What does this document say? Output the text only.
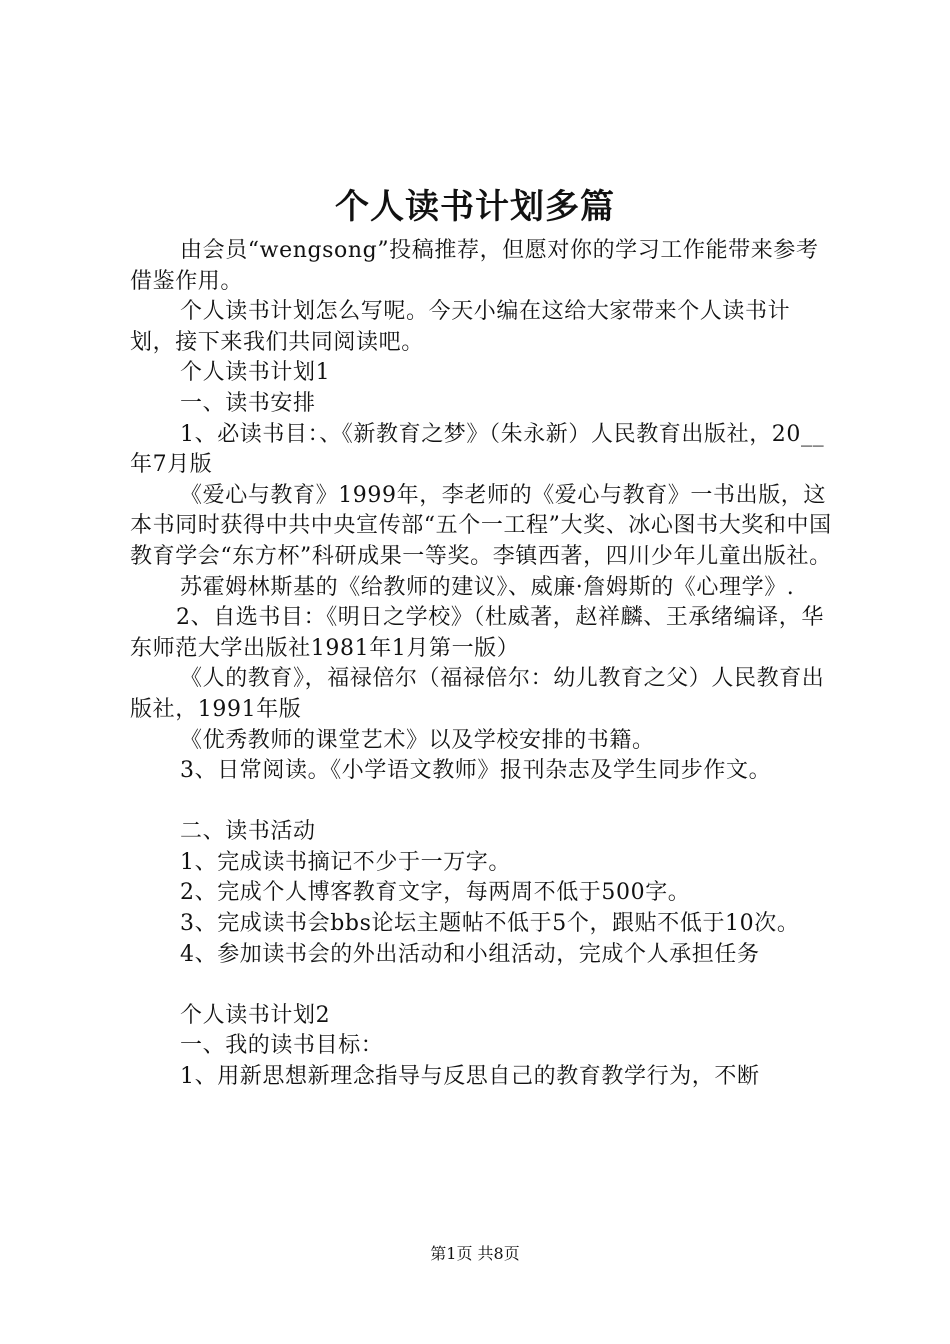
个人读书计划多篇

由会员“wengsong”投稿推荐，但愿对你的学习工作能带来参考借鉴作用。

个人读书计划怎么写呢。今天小编在这给大家带来个人读书计划，接下来我们共同阅读吧。

个人读书计划1

一、读书安排

1、必读书目：、《新教育之梦》（朱永新）人民教育出版社，20__年7月版

《爱心与教育》1999年，李老师的《爱心与教育》一书出版，这本书同时获得中共中央宣传部“五个一工程”大奖、冰心图书大奖和中国教育学会“东方杯”科研成果一等奖。李镇西著，四川少年儿童出版社。

苏霍姆林斯基的《给教师的建议》、威廉·詹姆斯的《心理学》.

2、自选书目：《明日之学校》（杜威著，赵祥麟、王承绪编译，华东师范大学出版社1981年1月第一版）

《人的教育》，福禄倍尔（福禄倍尔：幼儿教育之父）人民教育出版社，1991年版

《优秀教师的课堂艺术》以及学校安排的书籍。

3、日常阅读。《小学语文教师》报刊杂志及学生同步作文。

二、读书活动

1、完成读书摘记不少于一万字。

2、完成个人博客教育文字，每两周不低于500字。

3、完成读书会bbs论坛主题帖不低于5个，跟贴不低于10次。

4、参加读书会的外出活动和小组活动，完成个人承担任务

个人读书计划2

一、我的读书目标：

1、用新思想新理念指导与反思自己的教育教学行为，不断

第1页 共8页
